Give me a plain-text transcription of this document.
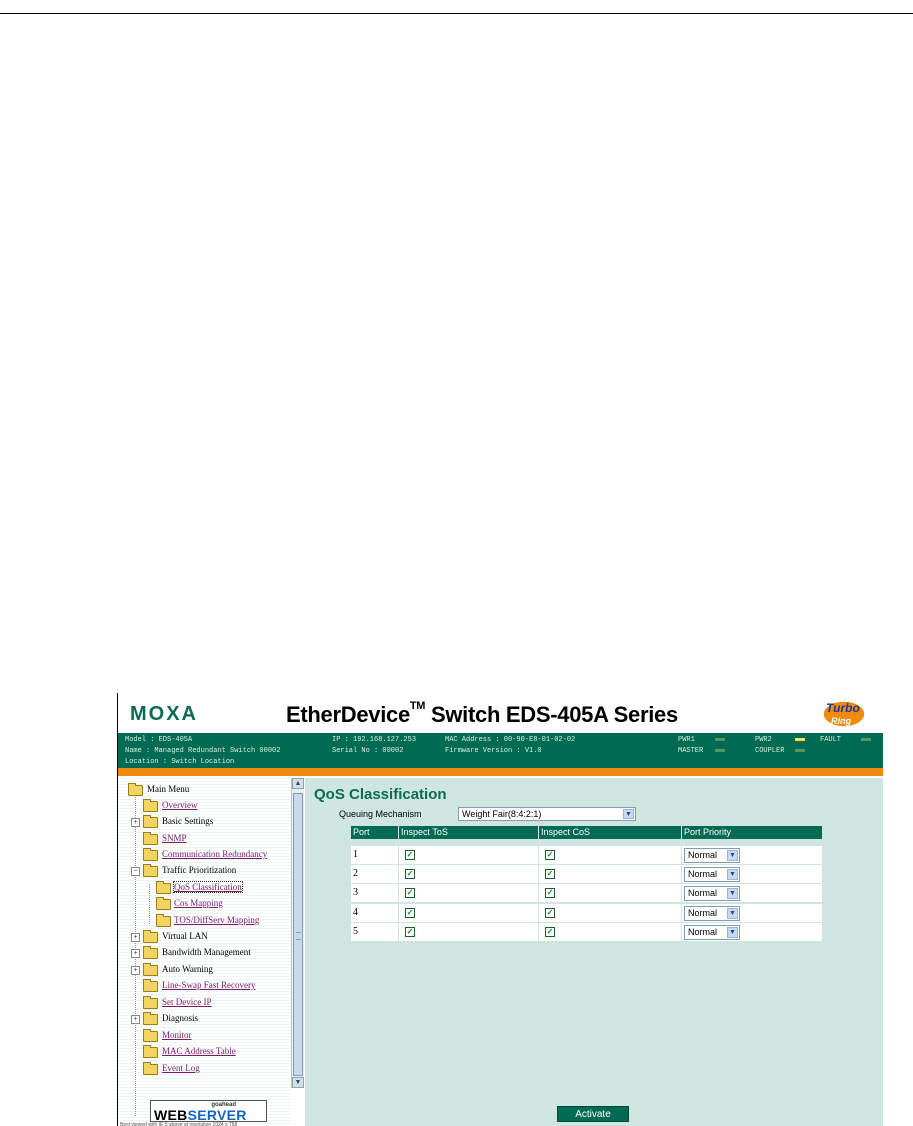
MOXA	EtherDevice™ Switch EDS-405A Series	Turbo
Ring
Model : EDS-405A
Name : Managed Redundant Switch 00002
Location : Switch Location
IP : 192.168.127.253
Serial No : 00002
MAC Address : 00-90-E8-01-02-02
Firmware Version : V1.0
PWR1	PWR2	FAULT
MASTER	COUPLER
Main Menu
Overview
+	Basic Settings
SNMP
Communication Redundancy
−	Traffic Prioritization
QoS Classification
Cos Mapping
TOS/DiffServ Mapping
+	Virtual LAN
+	Bandwidth Management
+	Auto Warning
Line-Swap Fast Recovery
Set Device IP
+	Diagnosis
Monitor
MAC Address Table
Event Log
▲
▼
goahead
WEBSERVER
Best viewed with IE 5 above at resolution 1024 x 768
QoS Classification
Queuing Mechanism	Weight Fair(8:4:2:1)	▼
Port	Inspect ToS	Inspect CoS	Port Priority
1	✓	✓	Normal ▼
2	✓	✓	Normal ▼
3	✓	✓	Normal ▼
4	✓	✓	Normal ▼
5	✓	✓	Normal ▼
Activate
